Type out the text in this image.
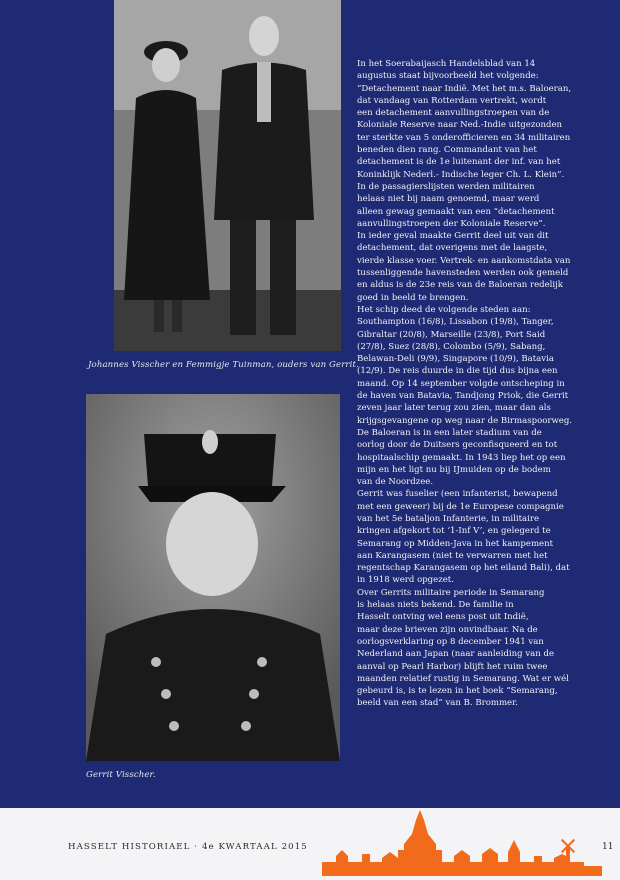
Johannes Visscher en Femmigje Tuinman, ouders van Gerrit.
Gerrit Visscher.
In het Soerabaijasch Handelsblad van 14
augustus staat bijvoorbeeld het volgende:
“Detachement naar Indië. Met het m.s. Baloeran,
dat vandaag van Rotterdam vertrekt, wordt
een detachement aanvullingstroepen van de
Koloniale Reserve naar Ned.-Indie uitgezonden
ter sterkte van 5 onderofficieren en 34 militairen
beneden dien rang. Commandant van het
detachement is de 1e luitenant der inf. van het
Koninklijk Nederl.- Indische leger Ch. L. Klein”.
In de passagierslijsten werden militairen
helaas niet bij naam genoemd, maar werd
alleen gewag gemaakt van een “detachement
aanvullingstroepen der Koloniale Reserve”.
In ieder geval maakte Gerrit deel uit van dit
detachement, dat overigens met de laagste,
vierde klasse voer. Vertrek- en aankomstdata van
tussenliggende havensteden werden ook gemeld
en aldus is de 23e reis van de Baloeran redelijk
goed in beeld te brengen.
Het schip deed de volgende steden aan:
Southampton (16/8), Lissabon (19/8), Tanger,
Gibraltar (20/8), Marseille (23/8), Port Said
(27/8), Suez (28/8), Colombo (5/9), Sabang,
Belawan-Deli (9/9), Singapore (10/9), Batavia
(12/9). De reis duurde in die tijd dus bijna een
maand. Op 14 september volgde ontscheping in
de haven van Batavia, Tandjong Priok, die Gerrit
zeven jaar later terug zou zien, maar dan als
krijgsgevangene op weg naar de Birmaspoorweg.
De Baloeran is in een later stadium van de
oorlog door de Duitsers geconfisqueerd en tot
hospitaalschip gemaakt. In 1943 liep het op een
mijn en het ligt nu bij IJmuiden op de bodem
van de Noordzee.
Gerrit was fuselier (een infanterist, bewapend
met een geweer) bij de 1e Europese compagnie
van het 5e bataljon Infanterie, in militaire
kringen afgekort tot ‘1-Inf V’, en gelegerd te
Semarang op Midden-Java in het kampement
aan Karangasem (niet te verwarren met het
regentschap Karangasem op het eiland Bali), dat
in 1918 werd opgezet.
Over Gerrits militaire periode in Semarang
is helaas niets bekend. De familie in
Hasselt ontving wel eens post uit Indië,
maar deze brieven zijn onvindbaar. Na de
oorlogsverklaring op 8 december 1941 van
Nederland aan Japan (naar aanleiding van de
aanval op Pearl Harbor) blijft het ruim twee
maanden relatief rustig in Semarang. Wat er wél
gebeurd is, is te lezen in het boek “Semarang,
beeld van een stad” van B. Brommer.
HASSELT HISTORIAEL · 4e KWARTAAL 2015	11
